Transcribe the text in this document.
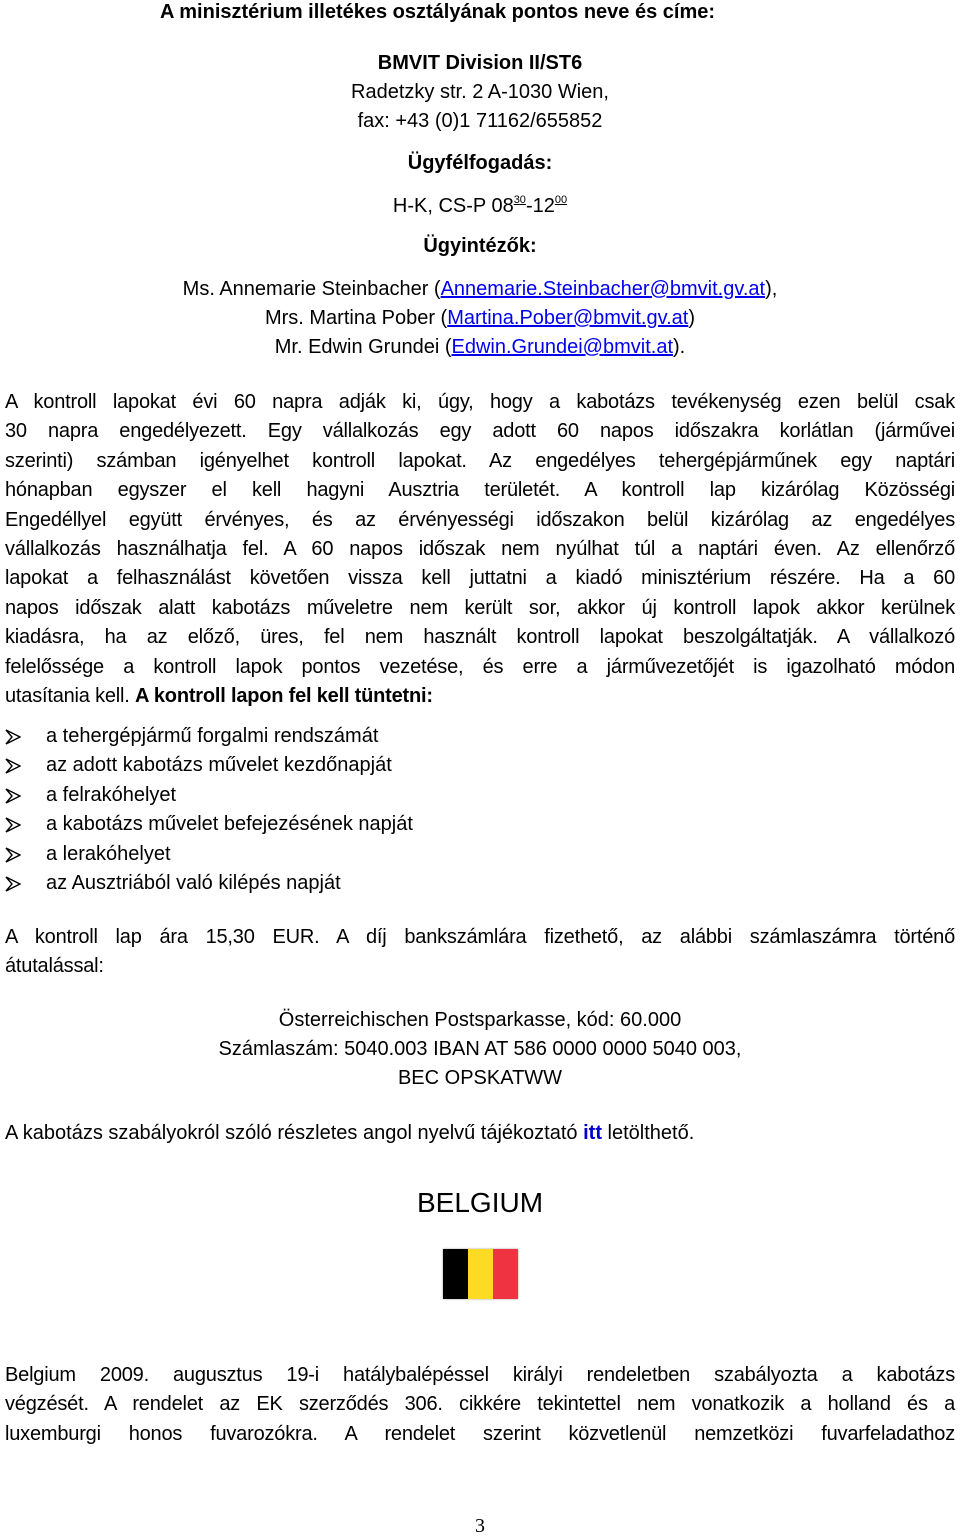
A minisztérium illetékes osztályának pontos neve és címe:
BMVIT Division II/ST6
Radetzky str. 2 A-1030 Wien,
fax: +43 (0)1 71162/655852
Ügyfélfogadás:
H-K, CS-P $08^{30}-12^{00}$
Ügyintézők:
Ms. Annemarie Steinbacher (Annemarie.Steinbacher@bmvit.gv.at),
Mrs. Martina Pober (Martina.Pober@bmvit.gv.at)
Mr. Edwin Grundei (Edwin.Grundei@bmvit.at).
A kontroll lapokat évi 60 napra adják ki, úgy, hogy a kabotázs tevékenység ezen belül csak
30 napra engedélyezett. Egy vállalkozás egy adott 60 napos időszakra korlátlan (járművei
szerinti) számban igényelhet kontroll lapokat. Az engedélyes tehergépjárműnek egy naptári
hónapban egyszer el kell hagyni Ausztria területét. A kontroll lap kizárólag Közösségi
Engedéllyel együtt érvényes, és az érvényességi időszakon belül kizárólag az engedélyes
vállalkozás használhatja fel. A 60 napos időszak nem nyúlhat túl a naptári éven. Az ellenőrző
lapokat a felhasználást követően vissza kell juttatni a kiadó minisztérium részére. Ha a 60
napos időszak alatt kabotázs műveletre nem került sor, akkor új kontroll lapok akkor kerülnek
kiadásra, ha az előző, üres, fel nem használt kontroll lapokat beszolgáltatják. A vállalkozó
felelőssége a kontroll lapok pontos vezetése, és erre a járművezetőjét is igazolható módon
utasítania kell. A kontroll lapon fel kell tüntetni:
a tehergépjármű forgalmi rendszámát
az adott kabotázs művelet kezdőnapját
a felrakóhelyet
a kabotázs művelet befejezésének napját
a lerakóhelyet
az Ausztriából való kilépés napját
A kontroll lap ára 15,30 EUR. A díj bankszámlára fizethető, az alábbi számlaszámra történő
átutalással:
Österreichischen Postsparkasse, kód: 60.000
Számlaszám: 5040.003 IBAN AT 586 0000 0000 5040 003,
BEC OPSKATWW
A kabotázs szabályokról szóló részletes angol nyelvű tájékoztató itt letölthető.
BELGIUM
Belgium 2009. augusztus 19-i hatálybalépéssel királyi rendeletben szabályozta a kabotázs
végzését. A rendelet az EK szerződés 306. cikkére tekintettel nem vonatkozik a holland és a
luxemburgi honos fuvarozókra. A rendelet szerint közvetlenül nemzetközi fuvarfeladathoz
3
